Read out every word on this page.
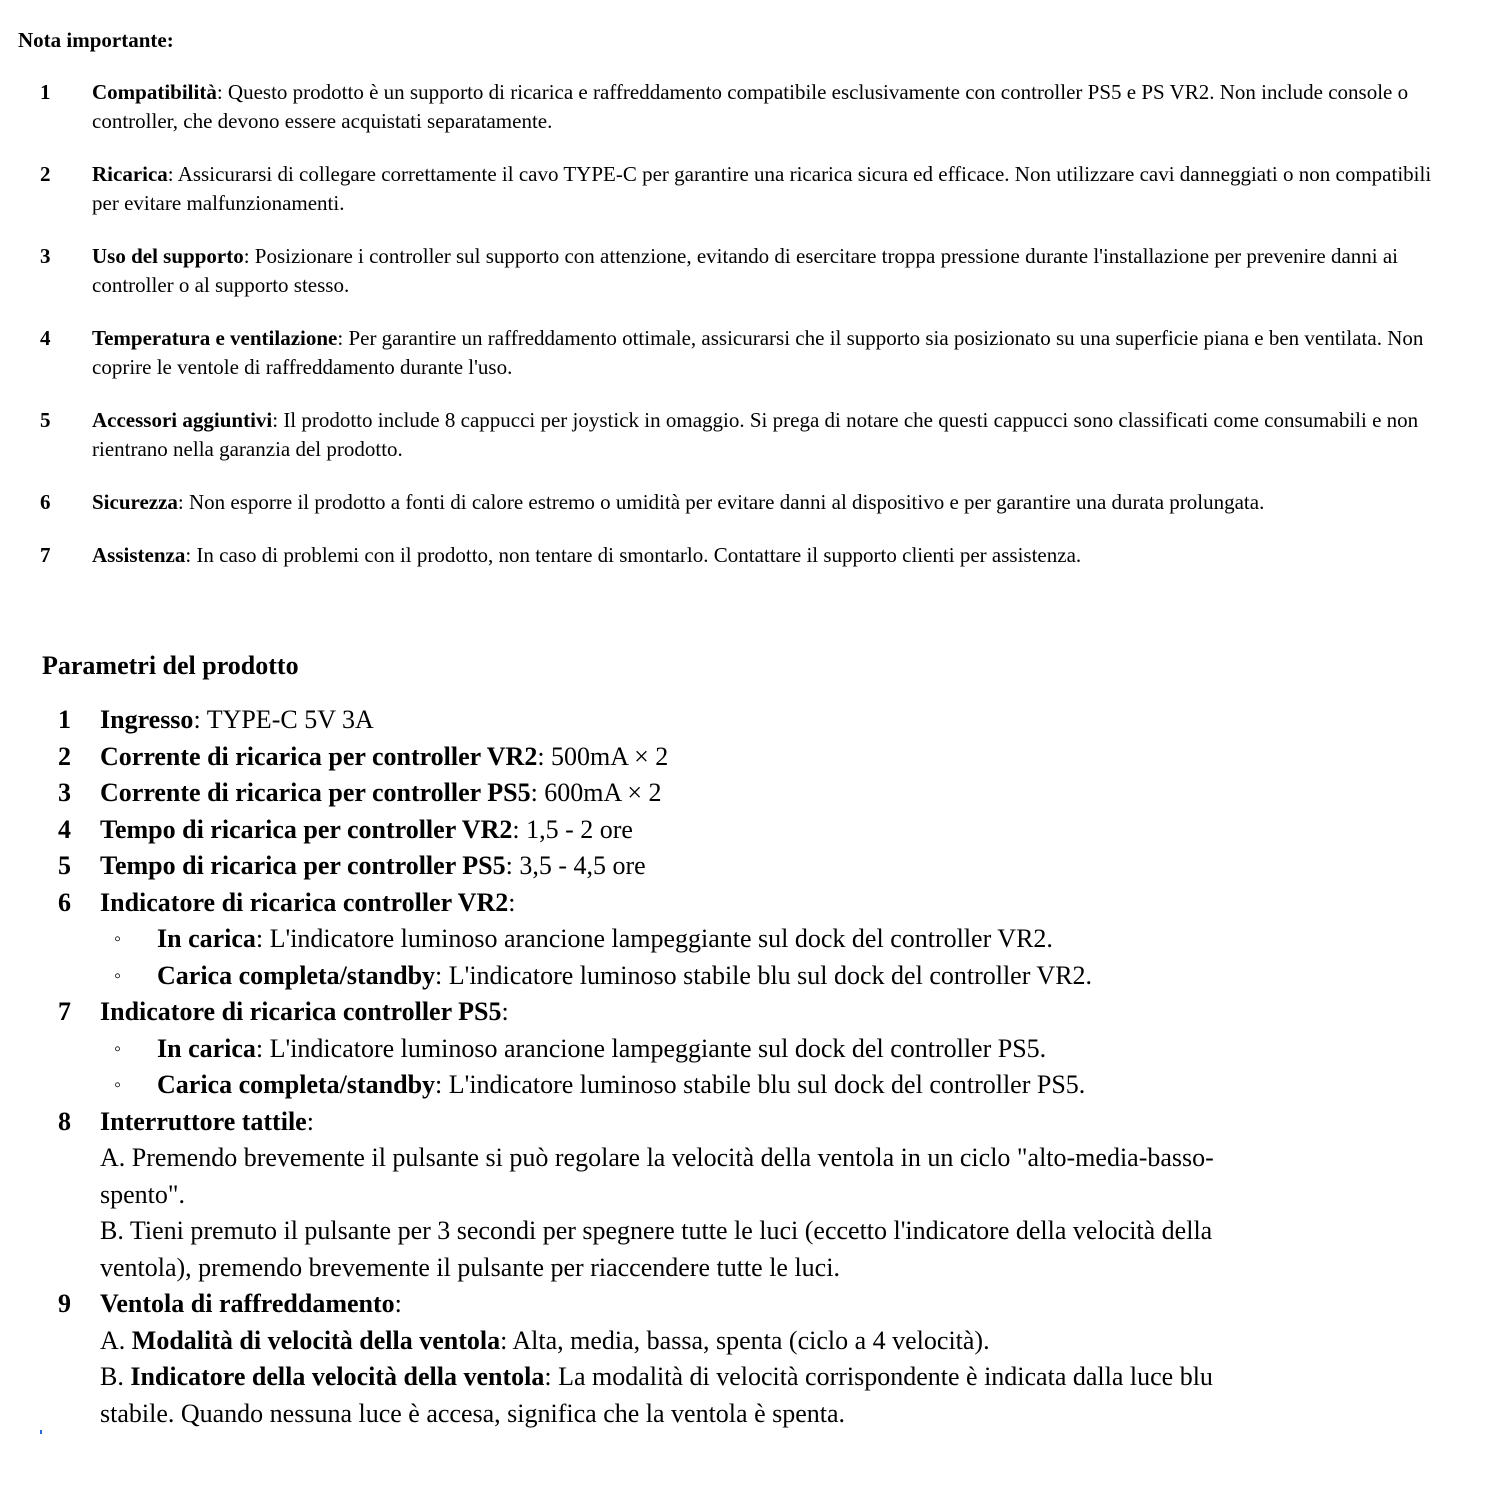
Nota importante:
1 Compatibilità: Questo prodotto è un supporto di ricarica e raffreddamento compatibile esclusivamente con controller PS5 e PS VR2. Non include console o controller, che devono essere acquistati separatamente.
2 Ricarica: Assicurarsi di collegare correttamente il cavo TYPE-C per garantire una ricarica sicura ed efficace. Non utilizzare cavi danneggiati o non compatibili per evitare malfunzionamenti.
3 Uso del supporto: Posizionare i controller sul supporto con attenzione, evitando di esercitare troppa pressione durante l'installazione per prevenire danni ai controller o al supporto stesso.
4 Temperatura e ventilazione: Per garantire un raffreddamento ottimale, assicurarsi che il supporto sia posizionato su una superficie piana e ben ventilata. Non coprire le ventole di raffreddamento durante l'uso.
5 Accessori aggiuntivi: Il prodotto include 8 cappucci per joystick in omaggio. Si prega di notare che questi cappucci sono classificati come consumabili e non rientrano nella garanzia del prodotto.
6 Sicurezza: Non esporre il prodotto a fonti di calore estremo o umidità per evitare danni al dispositivo e per garantire una durata prolungata.
7 Assistenza: In caso di problemi con il prodotto, non tentare di smontarlo. Contattare il supporto clienti per assistenza.
Parametri del prodotto
1 Ingresso: TYPE-C 5V 3A
2 Corrente di ricarica per controller VR2: 500mA × 2
3 Corrente di ricarica per controller PS5: 600mA × 2
4 Tempo di ricarica per controller VR2: 1,5 - 2 ore
5 Tempo di ricarica per controller PS5: 3,5 - 4,5 ore
6 Indicatore di ricarica controller VR2:
◦ In carica: L'indicatore luminoso arancione lampeggiante sul dock del controller VR2.
◦ Carica completa/standby: L'indicatore luminoso stabile blu sul dock del controller VR2.
7 Indicatore di ricarica controller PS5:
◦ In carica: L'indicatore luminoso arancione lampeggiante sul dock del controller PS5.
◦ Carica completa/standby: L'indicatore luminoso stabile blu sul dock del controller PS5.
8 Interruttore tattile:
A. Premendo brevemente il pulsante si può regolare la velocità della ventola in un ciclo "alto-media-basso-spento".
B. Tieni premuto il pulsante per 3 secondi per spegnere tutte le luci (eccetto l'indicatore della velocità della ventola), premendo brevemente il pulsante per riaccendere tutte le luci.
9 Ventola di raffreddamento:
A. Modalità di velocità della ventola: Alta, media, bassa, spenta (ciclo a 4 velocità).
B. Indicatore della velocità della ventola: La modalità di velocità corrispondente è indicata dalla luce blu stabile. Quando nessuna luce è accesa, significa che la ventola è spenta.
